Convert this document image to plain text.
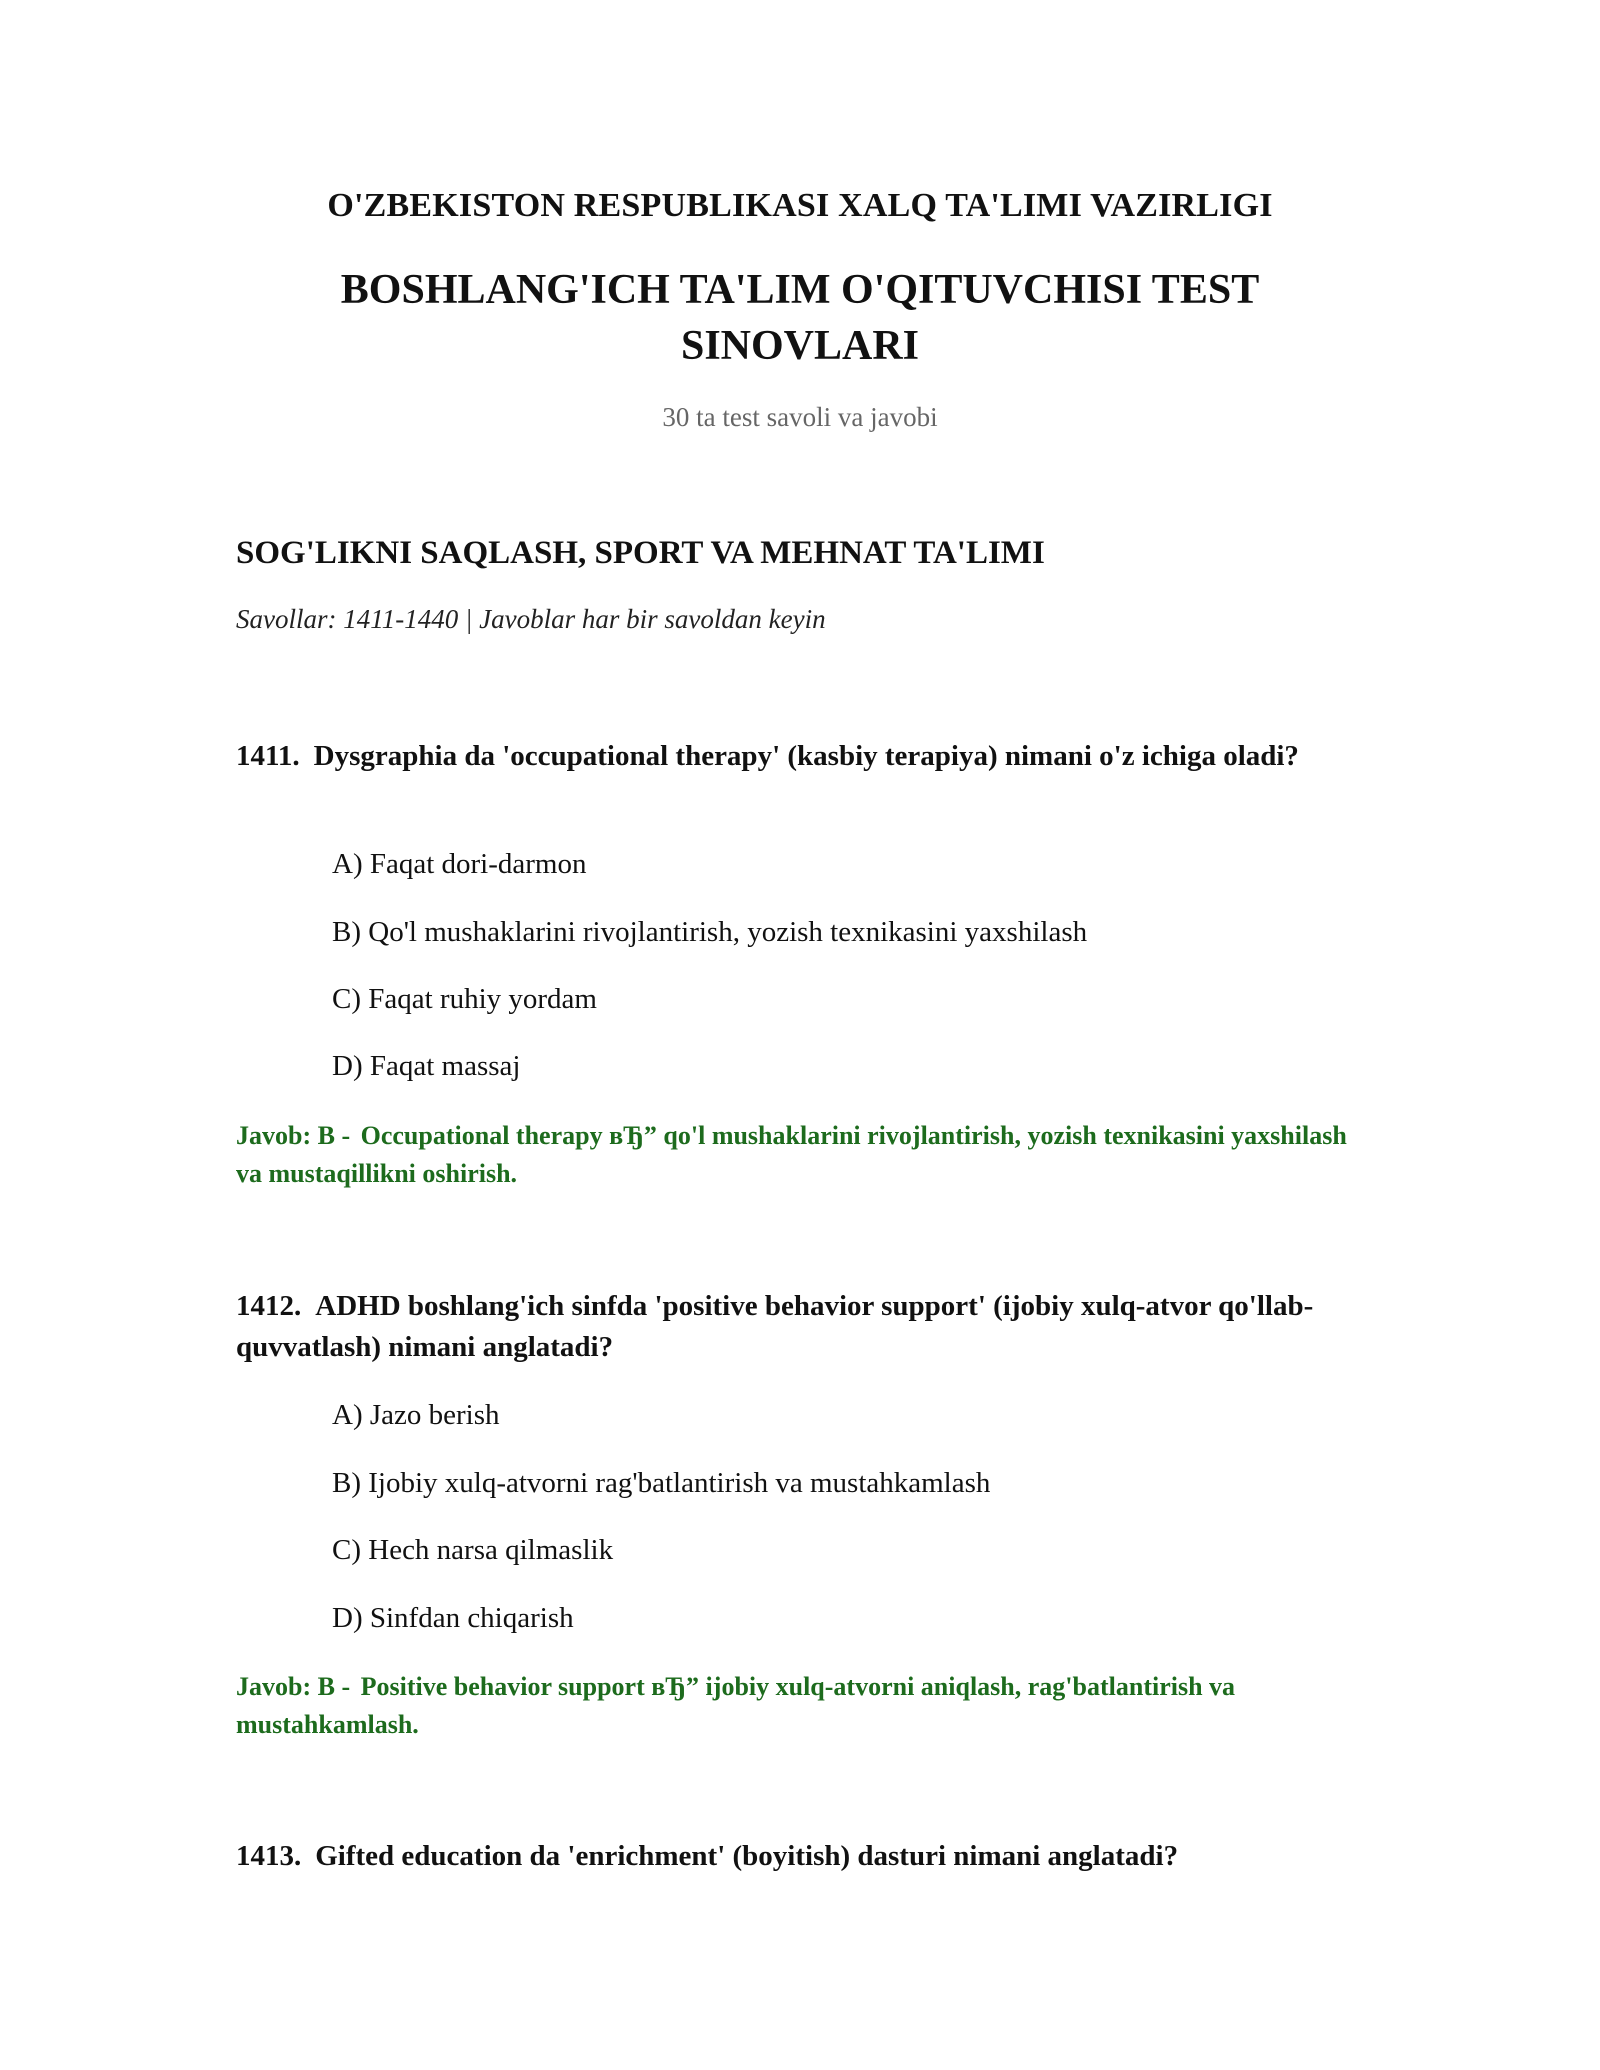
O'ZBEKISTON RESPUBLIKASI XALQ TA'LIMI VAZIRLIGI
BOSHLANG'ICH TA'LIM O'QITUVCHISI TEST SINOVLARI
30 ta test savoli va javobi
SOG'LIKNI SAQLASH, SPORT VA MEHNAT TA'LIMI
Savollar: 1411-1440 | Javoblar har bir savoldan keyin
1411. Dysgraphia da 'occupational therapy' (kasbiy terapiya) nimani o'z ichiga oladi?
A) Faqat dori-darmon
B) Qo'l mushaklarini rivojlantirish, yozish texnikasini yaxshilash
C) Faqat ruhiy yordam
D) Faqat massaj
Javob: B - Occupational therapy вЂ” qo'l mushaklarini rivojlantirish, yozish texnikasini yaxshilash va mustaqillikni oshirish.
1412. ADHD boshlang'ich sinfda 'positive behavior support' (ijobiy xulq-atvor qo'llab-quvvatlash) nimani anglatadi?
A) Jazo berish
B) Ijobiy xulq-atvorni rag'batlantirish va mustahkamlash
C) Hech narsa qilmaslik
D) Sinfdan chiqarish
Javob: B - Positive behavior support вЂ” ijobiy xulq-atvorni aniqlash, rag'batlantirish va mustahkamlash.
1413. Gifted education da 'enrichment' (boyitish) dasturi nimani anglatadi?
